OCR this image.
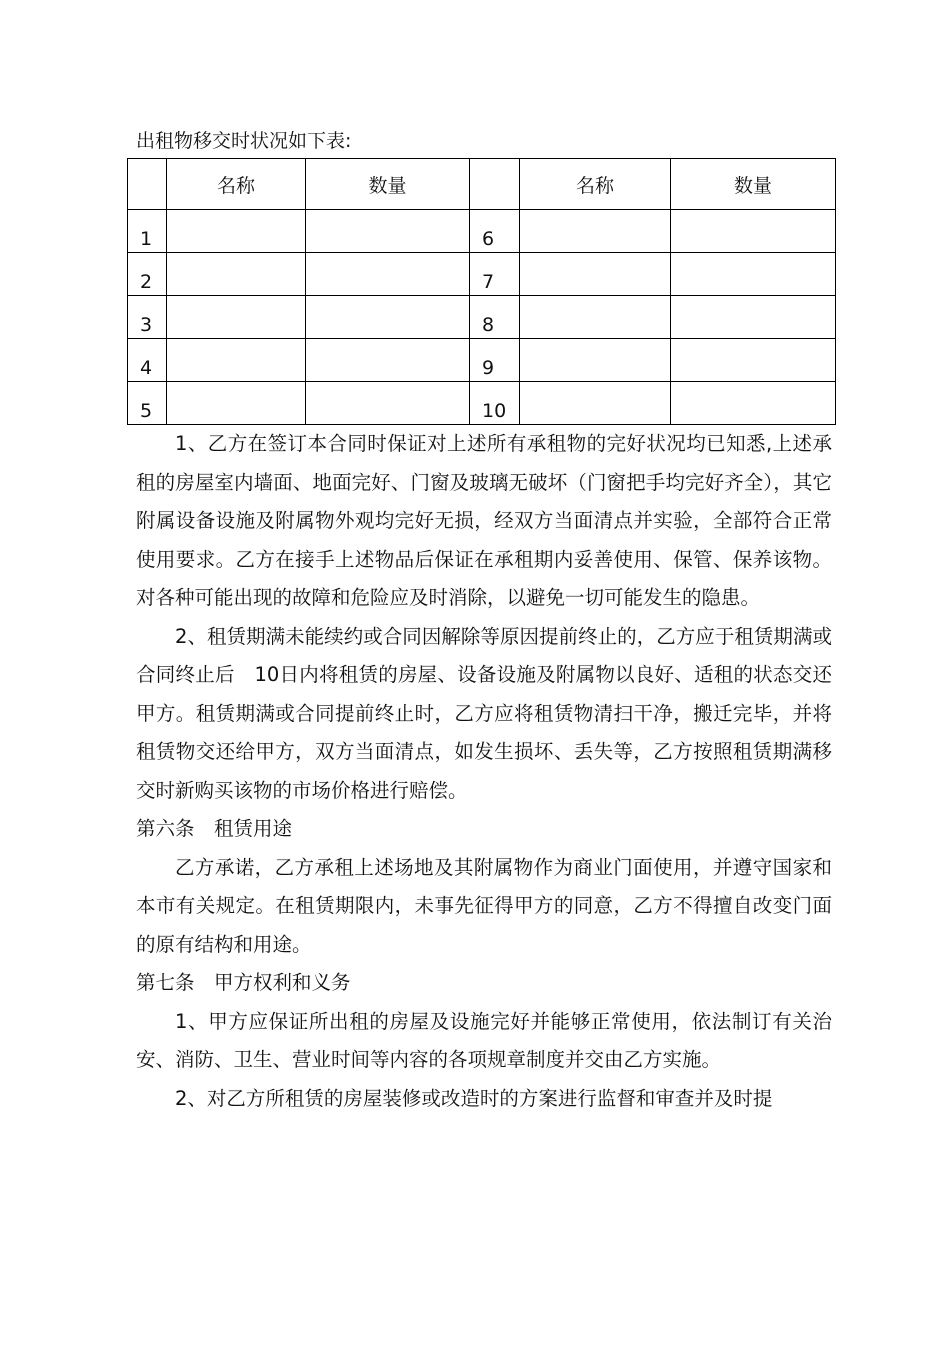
出租物移交时状况如下表:
	名称	数量		名称	数量
1			6		
2			7		
3			8		
4			9		
5			10		

1、乙方在签订本合同时保证对上述所有承租物的完好状况均已知悉,上述承租的房屋室内墙面、地面完好、门窗及玻璃无破坏（门窗把手均完好齐全），其它附属设备设施及附属物外观均完好无损，经双方当面清点并实验，全部符合正常使用要求。乙方在接手上述物品后保证在承租期内妥善使用、保管、保养该物。对各种可能出现的故障和危险应及时消除，以避免一切可能发生的隐患。

2、租赁期满未能续约或合同因解除等原因提前终止的，乙方应于租赁期满或合同终止后　10日内将租赁的房屋、设备设施及附属物以良好、适租的状态交还甲方。租赁期满或合同提前终止时，乙方应将租赁物清扫干净，搬迁完毕，并将租赁物交还给甲方，双方当面清点，如发生损坏、丢失等，乙方按照租赁期满移交时新购买该物的市场价格进行赔偿。

第六条　租赁用途

乙方承诺，乙方承租上述场地及其附属物作为商业门面使用，并遵守国家和本市有关规定。在租赁期限内，未事先征得甲方的同意，乙方不得擅自改变门面的原有结构和用途。

第七条　甲方权利和义务

1、甲方应保证所出租的房屋及设施完好并能够正常使用，依法制订有关治安、消防、卫生、营业时间等内容的各项规章制度并交由乙方实施。

2、对乙方所租赁的房屋装修或改造时的方案进行监督和审查并及时提
